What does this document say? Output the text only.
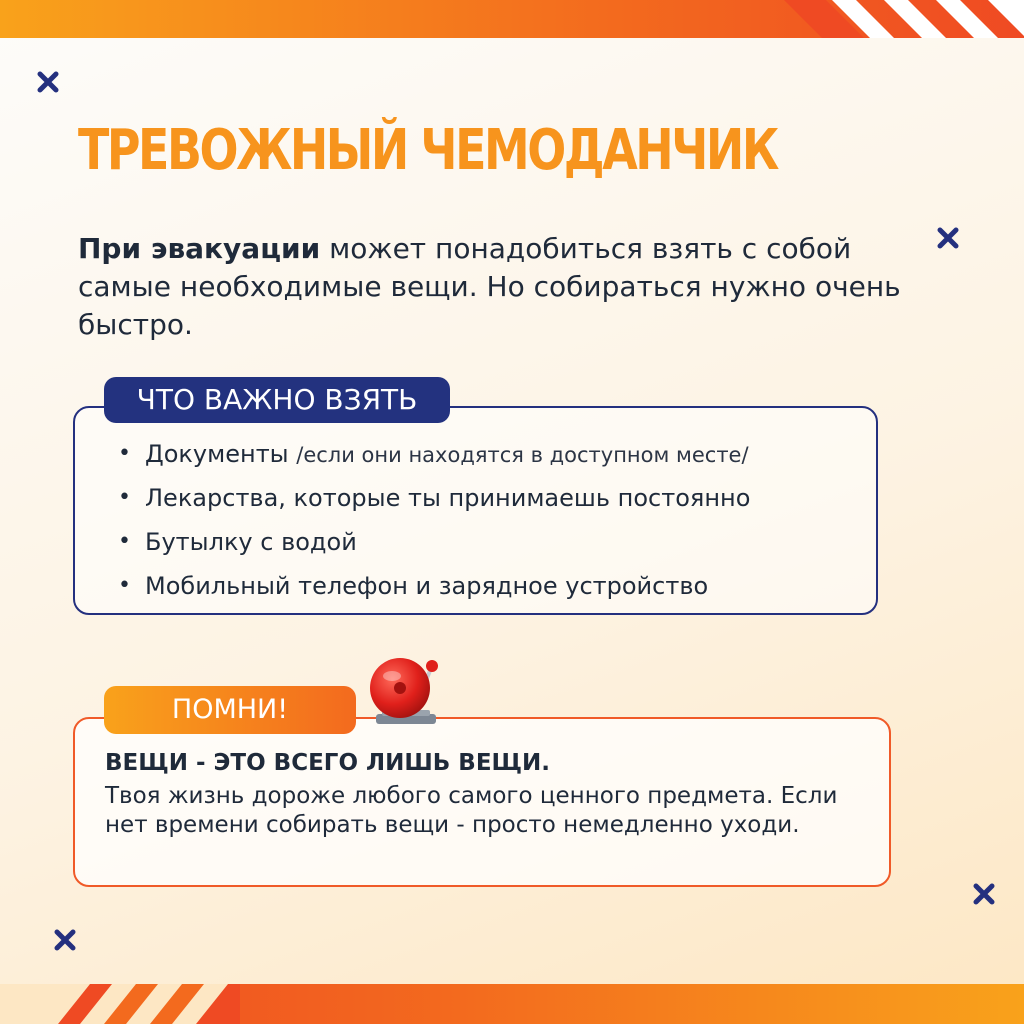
ТРЕВОЖНЫЙ ЧЕМОДАНЧИК

При эвакуации может понадобиться взять с собой самые необходимые вещи. Но собираться нужно очень быстро.

ЧТО ВАЖНО ВЗЯТЬ
• Документы /если они находятся в доступном месте/
• Лекарства, которые ты принимаешь постоянно
• Бутылку с водой
• Мобильный телефон и зарядное устройство
ПОМНИ!

ВЕЩИ - ЭТО ВСЕГО ЛИШЬ ВЕЩИ.

Твоя жизнь дороже любого самого ценного предмета. Если нет времени собирать вещи - просто немедленно уходи.
